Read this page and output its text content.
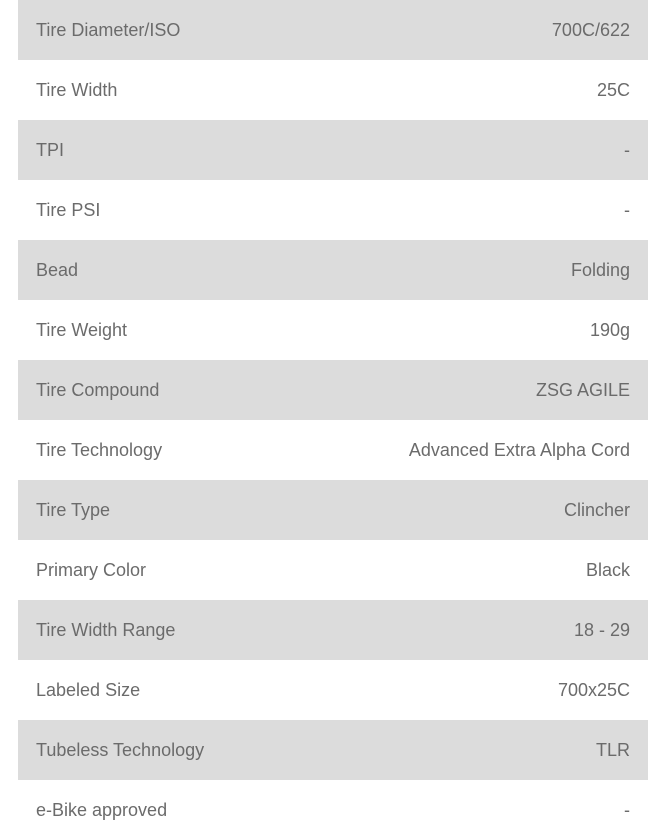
Tire Diameter/ISO	700C/622
Tire Width	25C
TPI	-
Tire PSI	-
Bead	Folding
Tire Weight	190g
Tire Compound	ZSG AGILE
Tire Technology	Advanced Extra Alpha Cord
Tire Type	Clincher
Primary Color	Black
Tire Width Range	18 - 29
Labeled Size	700x25C
Tubeless Technology	TLR
e-Bike approved	-
